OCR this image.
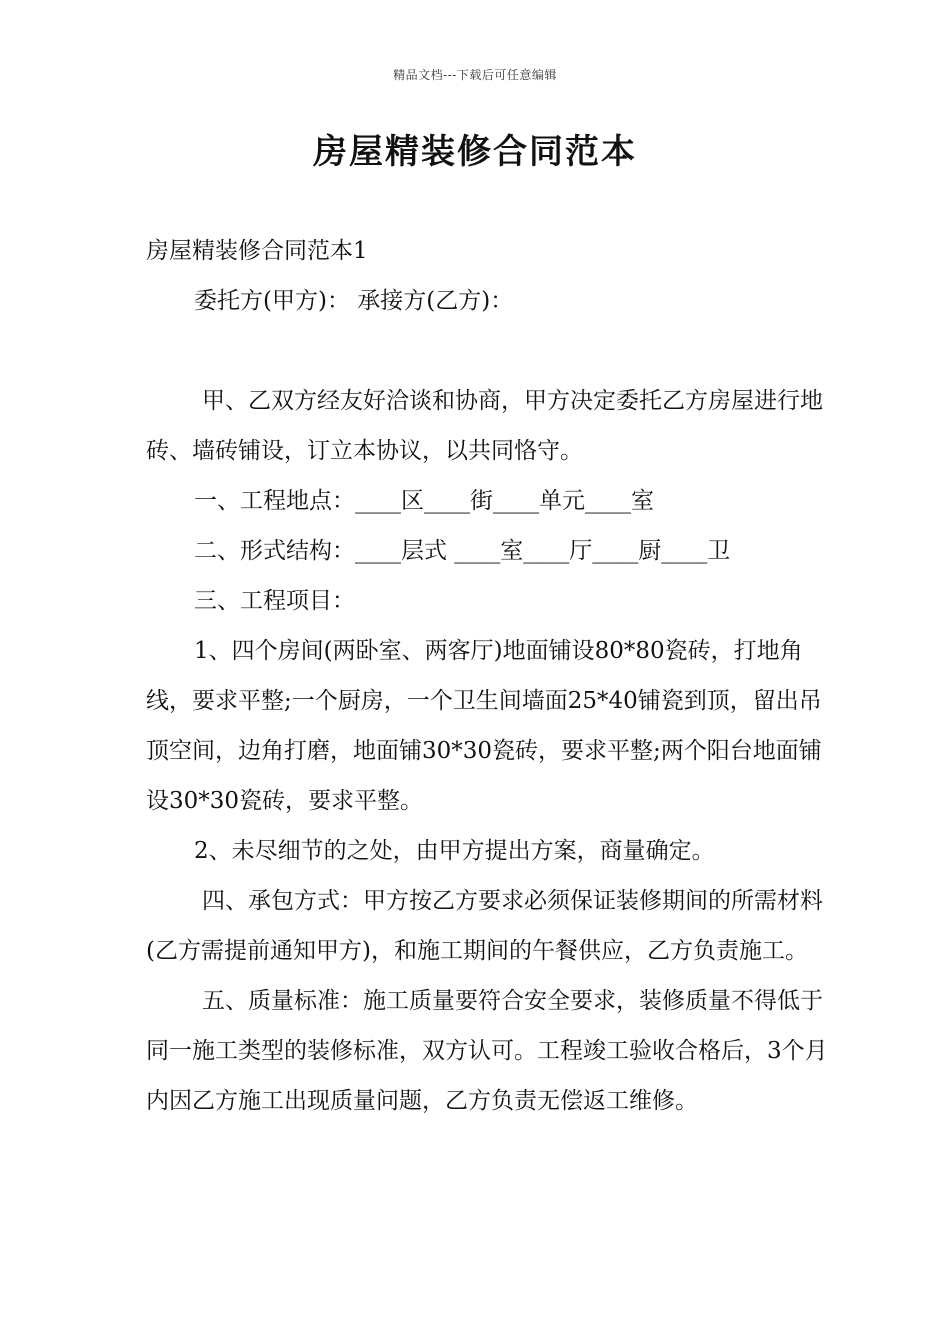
精品文档---下载后可任意编辑
房屋精装修合同范本

房屋精装修合同范本1

委托方(甲方)： 承接方(乙方)：

甲、乙双方经友好洽谈和协商，甲方决定委托乙方房屋进行地砖、墙砖铺设，订立本协议，以共同恪守。

一、工程地点：____区____街____单元____室

二、形式结构：____层式 ____室____厅____厨____卫

三、工程项目：

1、四个房间(两卧室、两客厅)地面铺设80*80瓷砖，打地角线，要求平整;一个厨房，一个卫生间墙面25*40铺瓷到顶，留出吊顶空间，边角打磨，地面铺30*30瓷砖，要求平整;两个阳台地面铺设30*30瓷砖，要求平整。

2、未尽细节的之处，由甲方提出方案，商量确定。

四、承包方式：甲方按乙方要求必须保证装修期间的所需材料(乙方需提前通知甲方)，和施工期间的午餐供应，乙方负责施工。

五、质量标准：施工质量要符合安全要求，装修质量不得低于同一施工类型的装修标准，双方认可。工程竣工验收合格后，3个月内因乙方施工出现质量问题，乙方负责无偿返工维修。
